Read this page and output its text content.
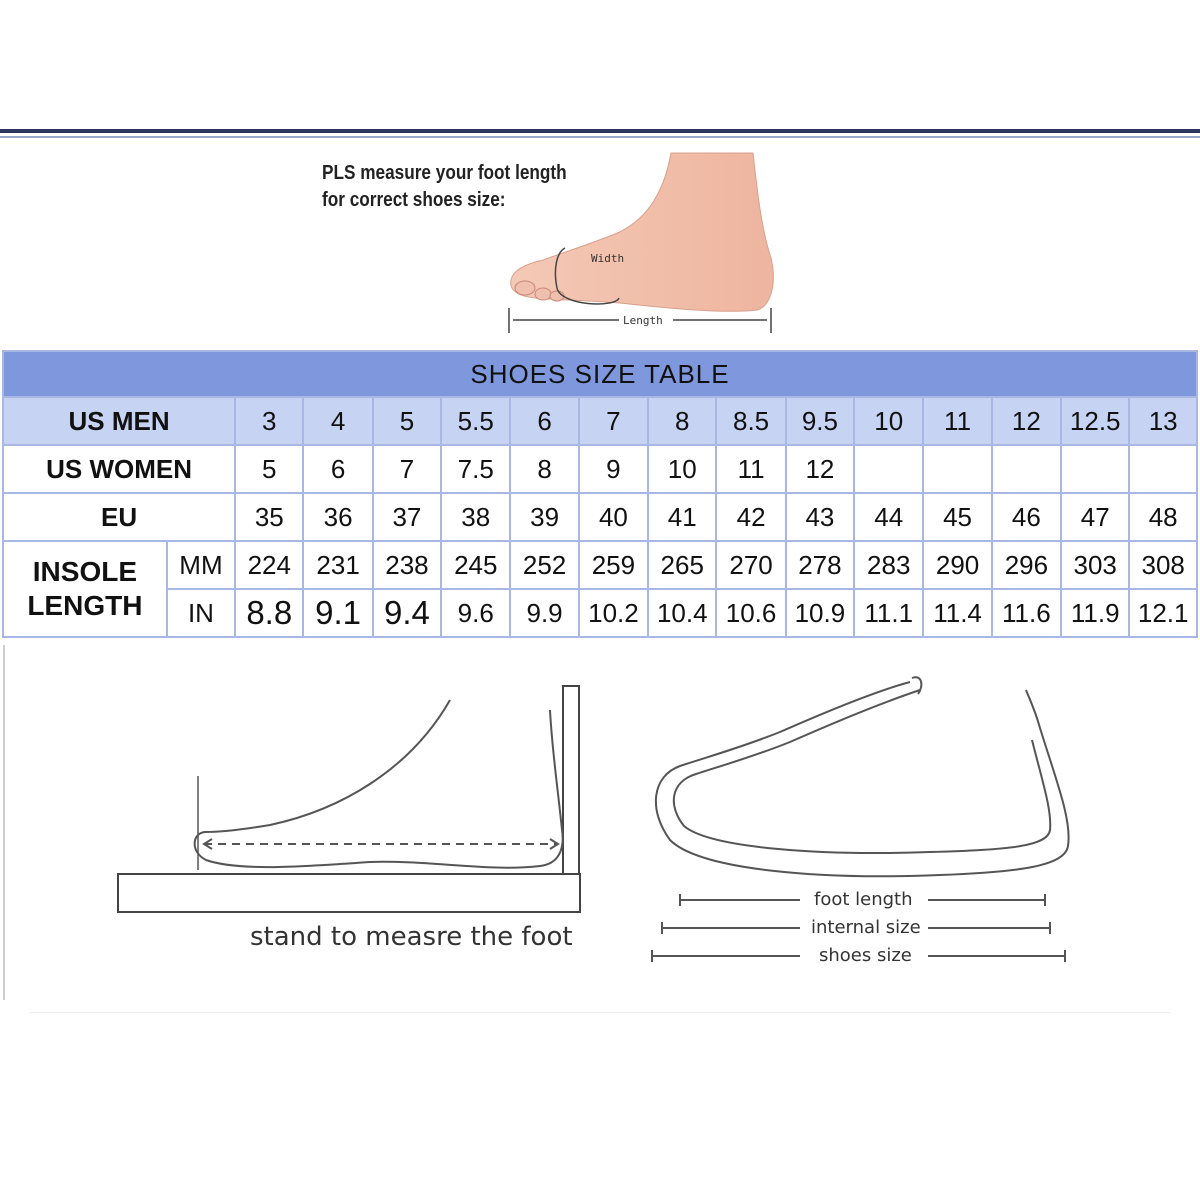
PLS measure your foot length
for correct shoes size:
Width
Length
SHOES SIZE TABLE															
US MEN		3	4	5	5.5	6	7	8	8.5	9.5	10	11	12	12.5	13
US WOMEN		5	6	7	7.5	8	9	10	11	12					
EU		35	36	37	38	39	40	41	42	43	44	45	46	47	48

INSOLE
LENGTH	MM	224	231	238	245	252	259	265	270	278	283	290	296	303	308
	IN	8.8	9.1	9.4	9.6	9.9	10.2	10.4	10.6	10.9	11.1	11.4	11.6	11.9	12.1
stand to measre the foot
foot length
internal size
shoes size
